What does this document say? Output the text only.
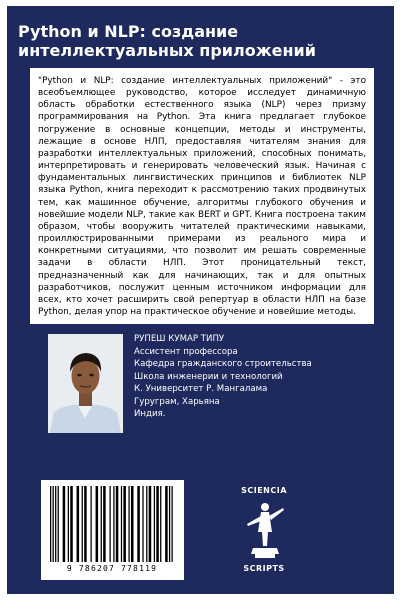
Python и NLP: создание интеллектуальных приложений

"Python и NLP: создание интеллектуальных приложений" - это всеобъемлющее руководство, которое исследует динамичную область обработки естественного языка (NLP) через призму программирования на Python. Эта книга предлагает глубокое погружение в основные концепции, методы и инструменты, лежащие в основе НЛП, предоставляя читателям знания для разработки интеллектуальных приложений, способных понимать, интерпретировать и генерировать человеческий язык. Начиная с фундаментальных лингвистических принципов и библиотек NLP языка Python, книга переходит к рассмотрению таких продвинутых тем, как машинное обучение, алгоритмы глубокого обучения и новейшие модели NLP, такие как BERT и GPT. Книга построена таким образом, чтобы вооружить читателей практическими навыками, проиллюстрированными примерами из реального мира и конкретными ситуациями, что позволит им решать современные задачи в области НЛП. Этот проницательный текст, предназначенный как для начинающих, так и для опытных разработчиков, послужит ценным источником информации для всех, кто хочет расширить свой репертуар в области НЛП на базе Python, делая упор на практическое обучение и новейшие методы.

РУПЕШ КУМАР ТИПУ

Ассистент профессора
Кафедра гражданского строительства
Школа инженерии и технологий
К. Университет Р. Мангалама
Гуруграм, Харьяна
Индия.

9 786207 778119

SCIENCIA

SCRIPTS
